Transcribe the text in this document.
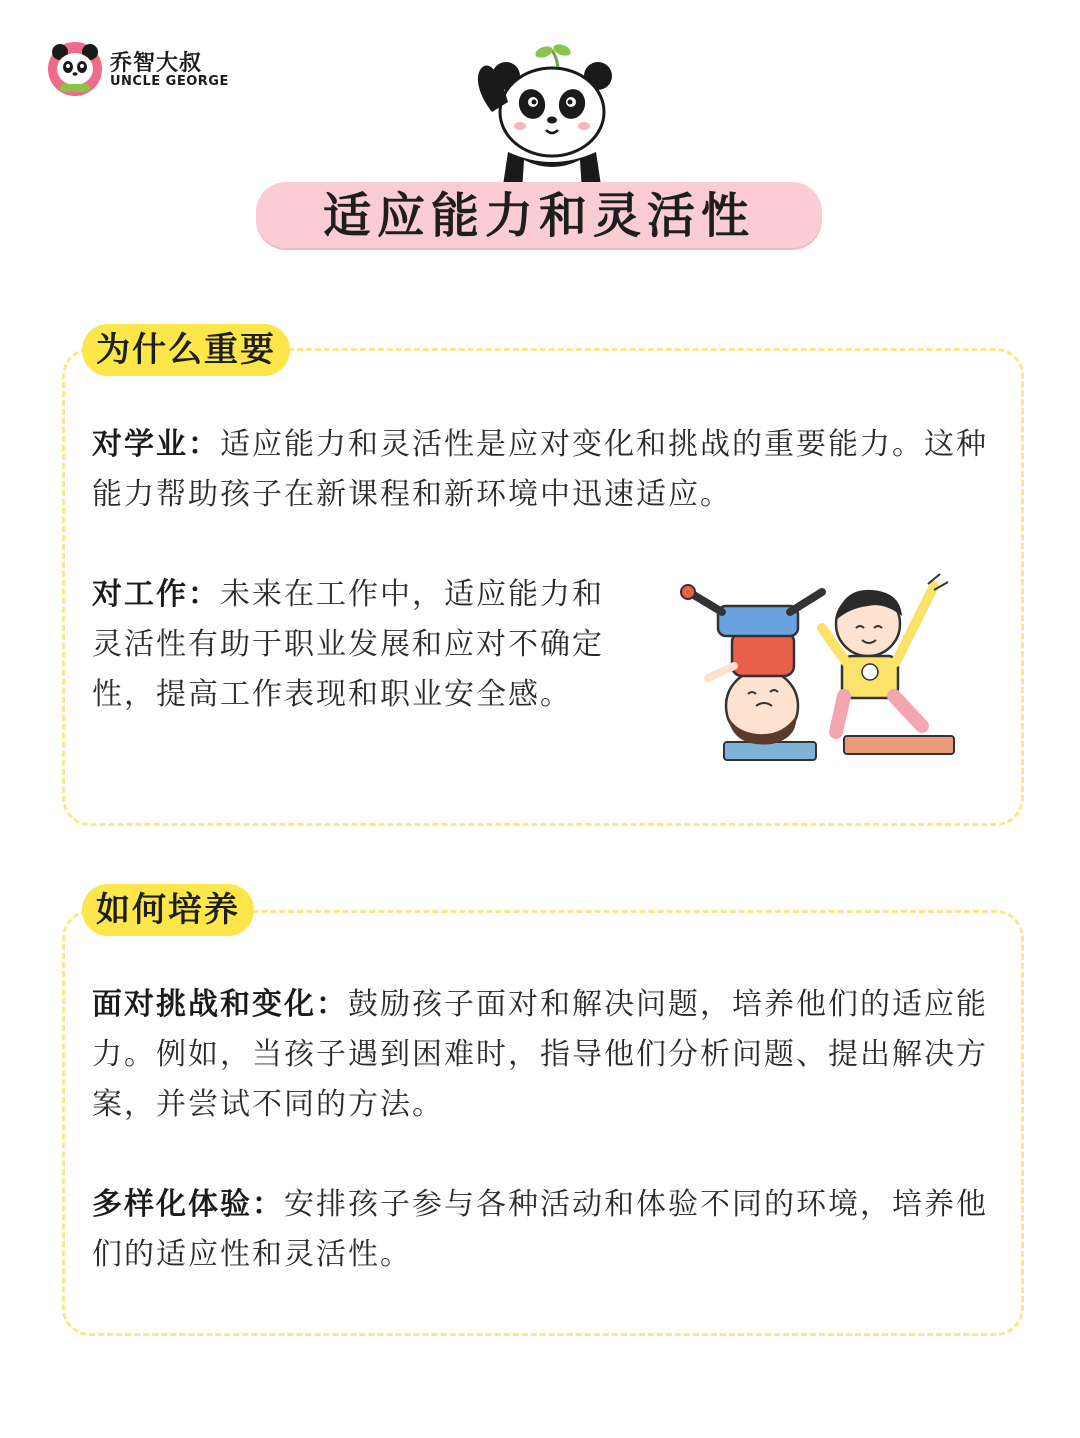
乔智大叔
UNCLE GEORGE
适应能力和灵活性
为什么重要
对学业：适应能力和灵活性是应对变化和挑战的重要能力。这种能力帮助孩子在新课程和新环境中迅速适应。
对工作：未来在工作中，适应能力和灵活性有助于职业发展和应对不确定性，提高工作表现和职业安全感。
如何培养
面对挑战和变化：鼓励孩子面对和解决问题，培养他们的适应能力。例如，当孩子遇到困难时，指导他们分析问题、提出解决方案，并尝试不同的方法。
多样化体验：安排孩子参与各种活动和体验不同的环境，培养他们的适应性和灵活性。
